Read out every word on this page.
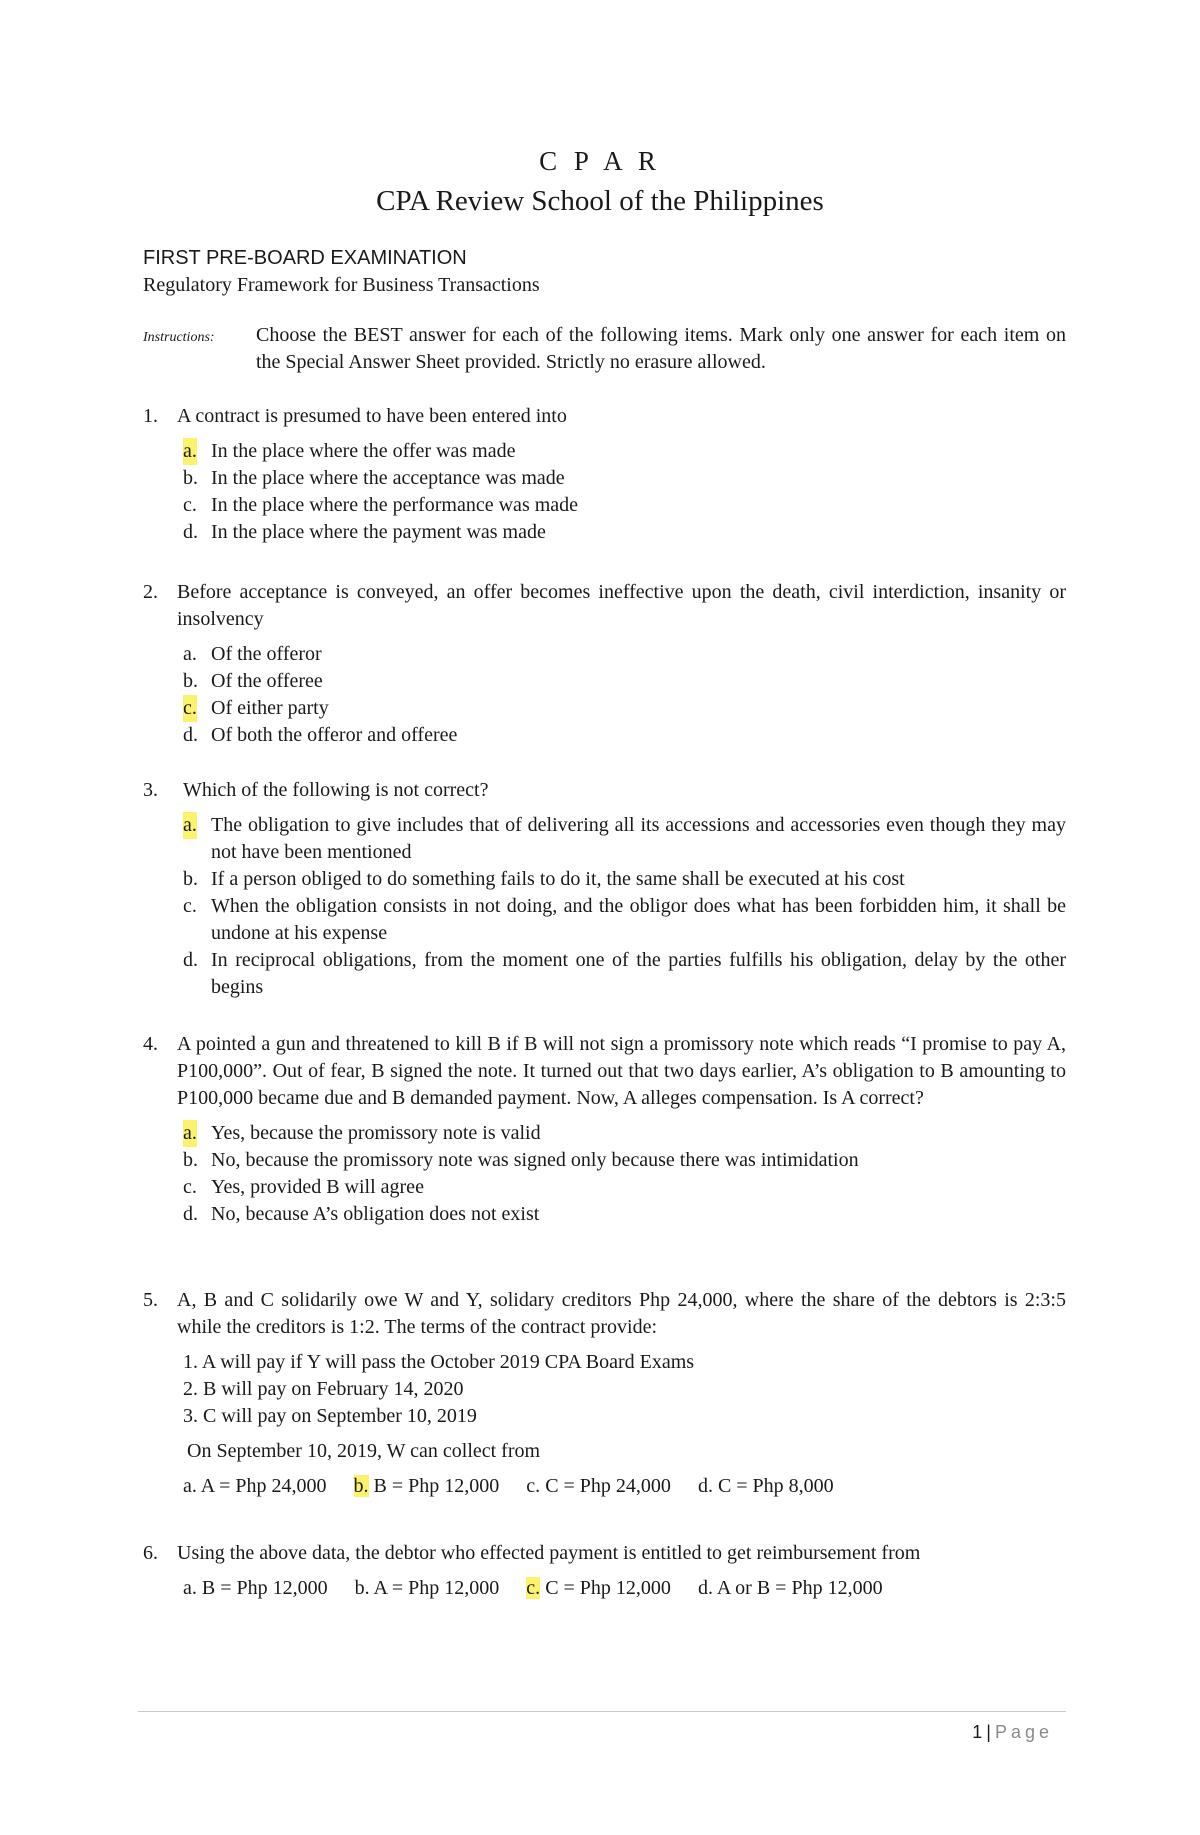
C P A R
CPA Review School of the Philippines
FIRST PRE-BOARD EXAMINATION
Regulatory Framework for Business Transactions
Instructions: Choose the BEST answer for each of the following items. Mark only one answer for each item on the Special Answer Sheet provided. Strictly no erasure allowed.
1. A contract is presumed to have been entered into
a. In the place where the offer was made
b. In the place where the acceptance was made
c. In the place where the performance was made
d. In the place where the payment was made
2. Before acceptance is conveyed, an offer becomes ineffective upon the death, civil interdiction, insanity or insolvency
a. Of the offeror
b. Of the offeree
c. Of either party
d. Of both the offeror and offeree
3. Which of the following is not correct?
a. The obligation to give includes that of delivering all its accessions and accessories even though they may not have been mentioned
b. If a person obliged to do something fails to do it, the same shall be executed at his cost
c. When the obligation consists in not doing, and the obligor does what has been forbidden him, it shall be undone at his expense
d. In reciprocal obligations, from the moment one of the parties fulfills his obligation, delay by the other begins
4. A pointed a gun and threatened to kill B if B will not sign a promissory note which reads “I promise to pay A, P100,000”. Out of fear, B signed the note. It turned out that two days earlier, A’s obligation to B amounting to P100,000 became due and B demanded payment. Now, A alleges compensation. Is A correct?
a. Yes, because the promissory note is valid
b. No, because the promissory note was signed only because there was intimidation
c. Yes, provided B will agree
d. No, because A’s obligation does not exist
5. A, B and C solidarily owe W and Y, solidary creditors Php 24,000, where the share of the debtors is 2:3:5 while the creditors is 1:2. The terms of the contract provide:
1. A will pay if Y will pass the October 2019 CPA Board Exams
2. B will pay on February 14, 2020
3. C will pay on September 10, 2019
On September 10, 2019, W can collect from
a. A = Php 24,000 b. B = Php 12,000 c. C = Php 24,000 d. C = Php 8,000
6. Using the above data, the debtor who effected payment is entitled to get reimbursement from
a. B = Php 12,000 b. A = Php 12,000 c. C = Php 12,000 d. A or B = Php 12,000
1 | Page
